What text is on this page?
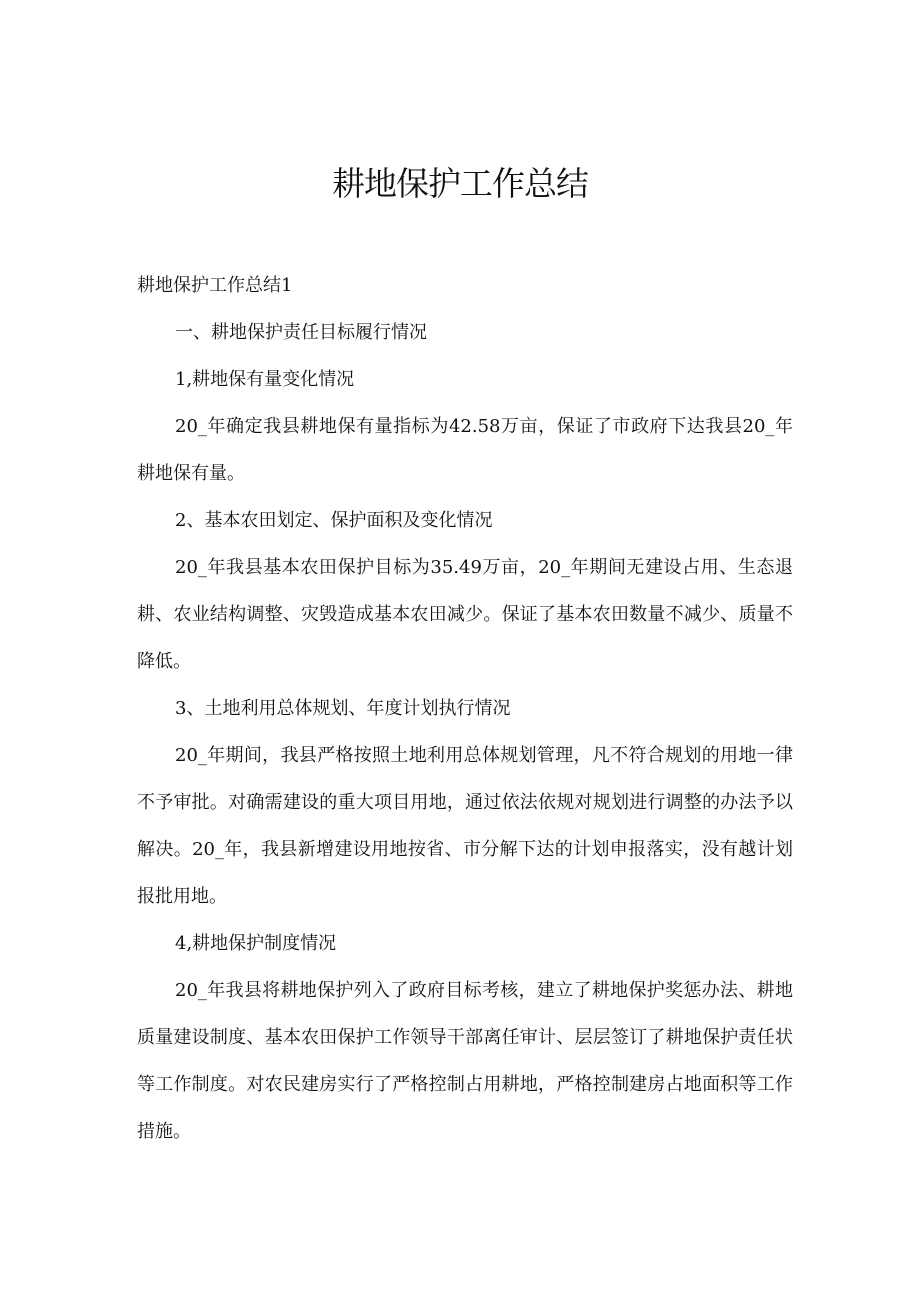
耕地保护工作总结

耕地保护工作总结1

一、耕地保护责任目标履行情况

1,耕地保有量变化情况

20_年确定我县耕地保有量指标为42.58万亩，保证了市政府下达我县20_年耕地保有量。

2、基本农田划定、保护面积及变化情况

20_年我县基本农田保护目标为35.49万亩，20_年期间无建设占用、生态退耕、农业结构调整、灾毁造成基本农田减少。保证了基本农田数量不减少、质量不降低。

3、土地利用总体规划、年度计划执行情况

20_年期间，我县严格按照土地利用总体规划管理，凡不符合规划的用地一律不予审批。对确需建设的重大项目用地，通过依法依规对规划进行调整的办法予以解决。20_年，我县新增建设用地按省、市分解下达的计划申报落实，没有越计划报批用地。

4,耕地保护制度情况

20_年我县将耕地保护列入了政府目标考核，建立了耕地保护奖惩办法、耕地质量建设制度、基本农田保护工作领导干部离任审计、层层签订了耕地保护责任状等工作制度。对农民建房实行了严格控制占用耕地，严格控制建房占地面积等工作措施。
